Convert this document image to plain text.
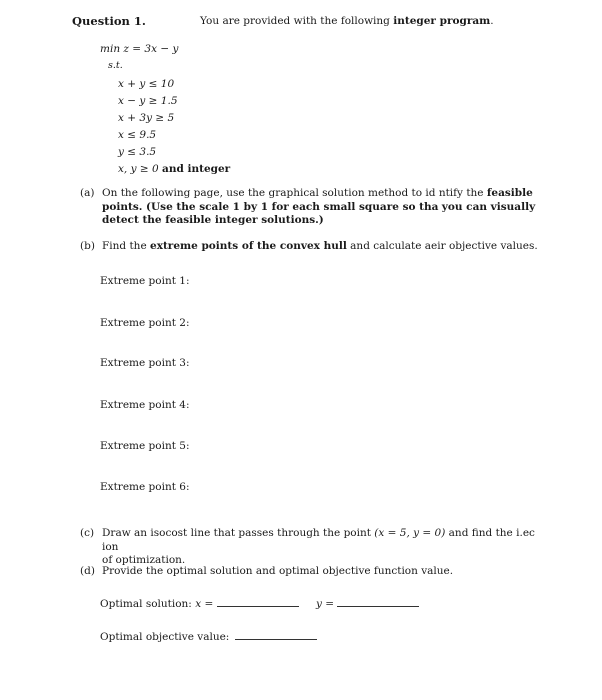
Question 1.	You are provided with the following integer program.
min z = 3x − y
s.t.
x + y ≤ 10
x − y ≥ 1.5
x + 3y ≥ 5
x ≤ 9.5
y ≤ 3.5
x, y ≥ 0 and integer
(a) On the following page, use the graphical solution method to id ntify the feasible
points. (Use the scale 1 by 1 for each small square so tha you can visually
detect the feasible integer solutions.)
(b) Find the extreme points of the convex hull and calculate aeir objective values.
Extreme point 1:
Extreme point 2:
Extreme point 3:
Extreme point 4:
Extreme point 5:
Extreme point 6:
(c) Draw an isocost line that passes through the point (x = 5, y = 0) and find the i.ec ion
of optimization.
(d) Provide the optimal solution and optimal objective function value.
Optimal solution: x =	y =
Optimal objective value:
